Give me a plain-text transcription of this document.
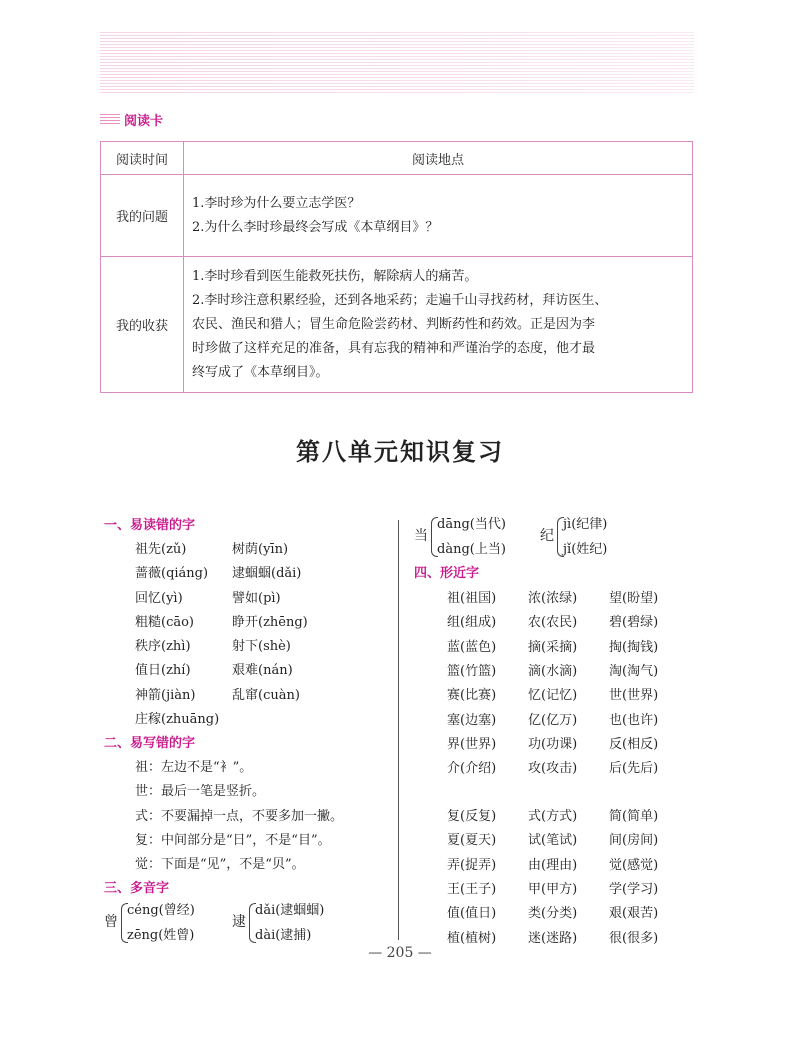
阅读卡
阅读时间	阅读地点
我的问题	1.李时珍为什么要立志学医？
2.为什么李时珍最终会写成《本草纲目》？

我的收获	1.李时珍看到医生能救死扶伤，解除病人的痛苦。
2.李时珍注意积累经验，还到各地采药；走遍千山寻找药材，拜访医生、
农民、渔民和猎人；冒生命危险尝药材、判断药性和药效。正是因为李
时珍做了这样充足的准备，具有忘我的精神和严谨治学的态度，他才最
终写成了《本草纲目》。
第八单元知识复习
一、易读错的字
祖先(zǔ)	树荫(yīn)
蔷薇(qiáng) 逮蝈蝈(dǎi)
回忆(yì)	譬如(pì)
粗糙(cāo)	睁开(zhēng)
秩序(zhì)	射下(shè)
值日(zhí)	艰难(nán)
神箭(jiàn)	乱窜(cuàn)
庄稼(zhuāng)
二、易写错的字
祖：左边不是“衤”。
世：最后一笔是竖折。
式：不要漏掉一点，不要多加一撇。
复：中间部分是“日”，不是“目”。
觉：下面是“见”，不是“贝”。
三、多音字
曾
céng(曾经)
zēng(姓曾)
逮
dǎi(逮蝈蝈)
dài(逮捕)
当
dāng(当代)
dàng(上当)
纪
jì(纪律)
jǐ(姓纪)
四、形近字
祖(祖国) 浓(浓绿) 望(盼望)
组(组成) 农(农民) 碧(碧绿)
蓝(蓝色) 摘(采摘) 掏(掏钱)
篮(竹篮) 滴(水滴) 淘(淘气)
赛(比赛) 忆(记忆) 世(世界)
塞(边塞) 亿(亿万) 也(也许)
界(世界) 功(功课) 反(相反)
介(介绍) 攻(攻击) 后(先后)
复(反复) 式(方式) 简(简单)
夏(夏天) 试(笔试) 间(房间)
弄(捉弄) 由(理由) 觉(感觉)
王(王子) 甲(甲方) 学(学习)
值(值日) 类(分类) 艰(艰苦)
植(植树) 迷(迷路) 很(很多)
— 205 —
